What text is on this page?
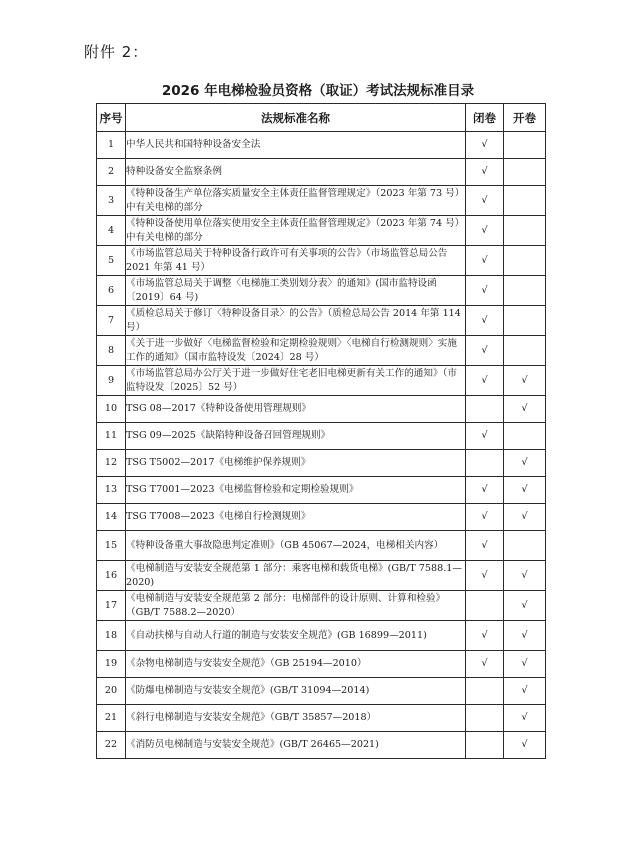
附件 2：
2026 年电梯检验员资格（取证）考试法规标准目录
序号	法规标准名称	闭卷	开卷
1	中华人民共和国特种设备安全法	√	
2	特种设备安全监察条例	√	
3	《特种设备生产单位落实质量安全主体责任监督管理规定》（2023 年第 73 号）中有关电梯的部分	√	
4	《特种设备使用单位落实使用安全主体责任监督管理规定》（2023 年第 74 号）中有关电梯的部分	√	
5	《市场监管总局关于特种设备行政许可有关事项的公告》（市场监管总局公告 2021 年第 41 号）	√	
6	《市场监管总局关于调整〈电梯施工类别划分表〉的通知》(国市监特设函〔2019〕64 号)	√	
7	《质检总局关于修订〈特种设备目录〉的公告》（质检总局公告 2014 年第 114 号）	√	
8	《关于进一步做好〈电梯监督检验和定期检验规则〉〈电梯自行检测规则〉实施工作的通知》（国市监特设发〔2024〕28 号）	√	
9	《市场监管总局办公厅关于进一步做好住宅老旧电梯更新有关工作的通知》（市监特设发〔2025〕52 号）	√	√
10	TSG 08—2017《特种设备使用管理规则》		√
11	TSG 09—2025《缺陷特种设备召回管理规则》	√	
12	TSG T5002—2017《电梯维护保养规则》		√
13	TSG T7001—2023《电梯监督检验和定期检验规则》	√	√
14	TSG T7008—2023《电梯自行检测规则》	√	√
15	《特种设备重大事故隐患判定准则》（GB 45067—2024，电梯相关内容）	√	
16	《电梯制造与安装安全规范第 1 部分：乘客电梯和载货电梯》(GB/T 7588.1—2020)	√	√
17	《电梯制造与安装安全规范第 2 部分：电梯部件的设计原则、计算和检验》（GB/T 7588.2—2020）		√
18	《自动扶梯与自动人行道的制造与安装安全规范》(GB 16899—2011)	√	√
19	《杂物电梯制造与安装安全规范》（GB 25194—2010）	√	√
20	《防爆电梯制造与安装安全规范》(GB/T 31094—2014)		√
21	《斜行电梯制造与安装安全规范》（GB/T 35857—2018）		√
22	《消防员电梯制造与安装安全规范》(GB/T 26465—2021)		√
